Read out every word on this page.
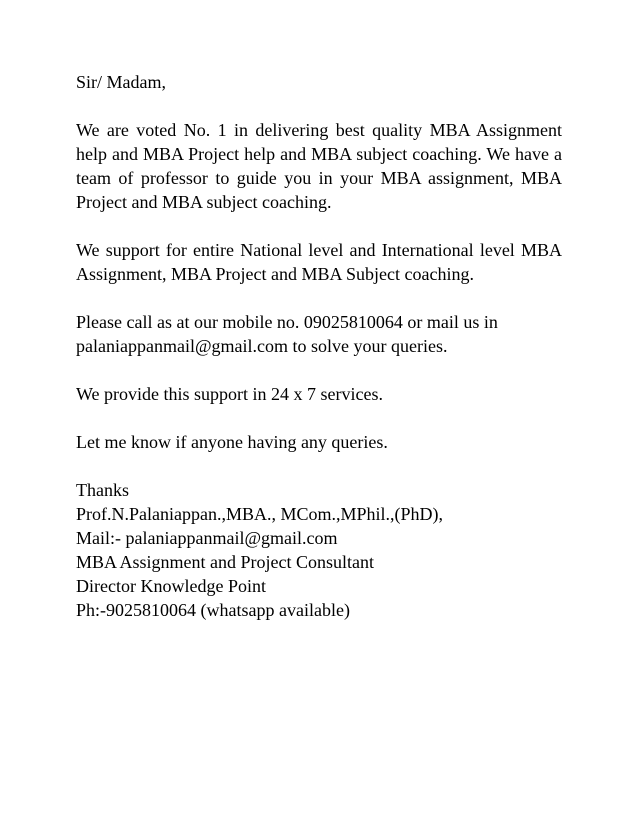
Sir/ Madam,

We are voted No. 1 in delivering best quality MBA Assignment help and MBA Project help and MBA subject coaching. We have a team of professor to guide you in your MBA assignment, MBA Project and MBA subject coaching.

We support for entire National level and International level MBA Assignment, MBA Project and MBA Subject coaching.

Please call as at our mobile no. 09025810064 or mail us in palaniappanmail@gmail.com to solve your queries.

We provide this support in 24 x 7 services.

Let me know if anyone having any queries.

Thanks
Prof.N.Palaniappan.,MBA., MCom.,MPhil.,(PhD),
Mail:- palaniappanmail@gmail.com
MBA Assignment and Project Consultant
Director Knowledge Point
Ph:-9025810064 (whatsapp available)
